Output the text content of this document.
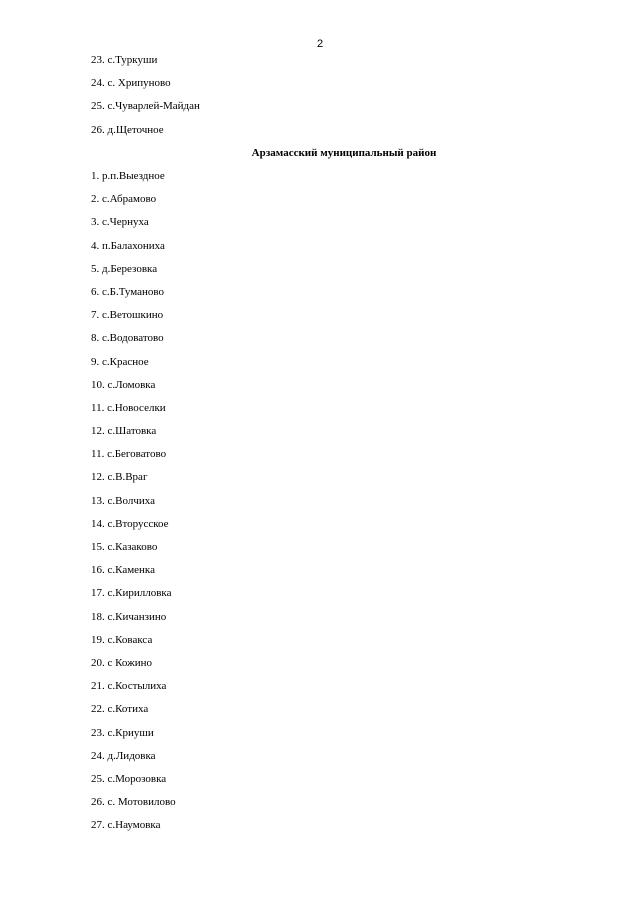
2
23. с.Туркуши
24. с. Хрипуново
25. с.Чуварлей-Майдан
26. д.Щеточное
Арзамасский муниципальный район
1. р.п.Выездное
2. с.Абрамово
3. с.Чернуха
4. п.Балахониха
5. д.Березовка
6. с.Б.Туманово
7. с.Ветошкино
8. с.Водоватово
9. с.Красное
10. с.Ломовка
11. с.Новоселки
12. с.Шатовка
11. с.Беговатово
12. с.В.Враг
13. с.Волчиха
14. с.Вторусское
15. с.Казаково
16. с.Каменка
17. с.Кирилловка
18. с.Кичанзино
19. с.Ковакса
20. с Кожино
21. с.Костылиха
22. с.Котиха
23. с.Криуши
24. д.Лидовка
25. с.Морозовка
26. с. Мотовилово
27. с.Наумовка
